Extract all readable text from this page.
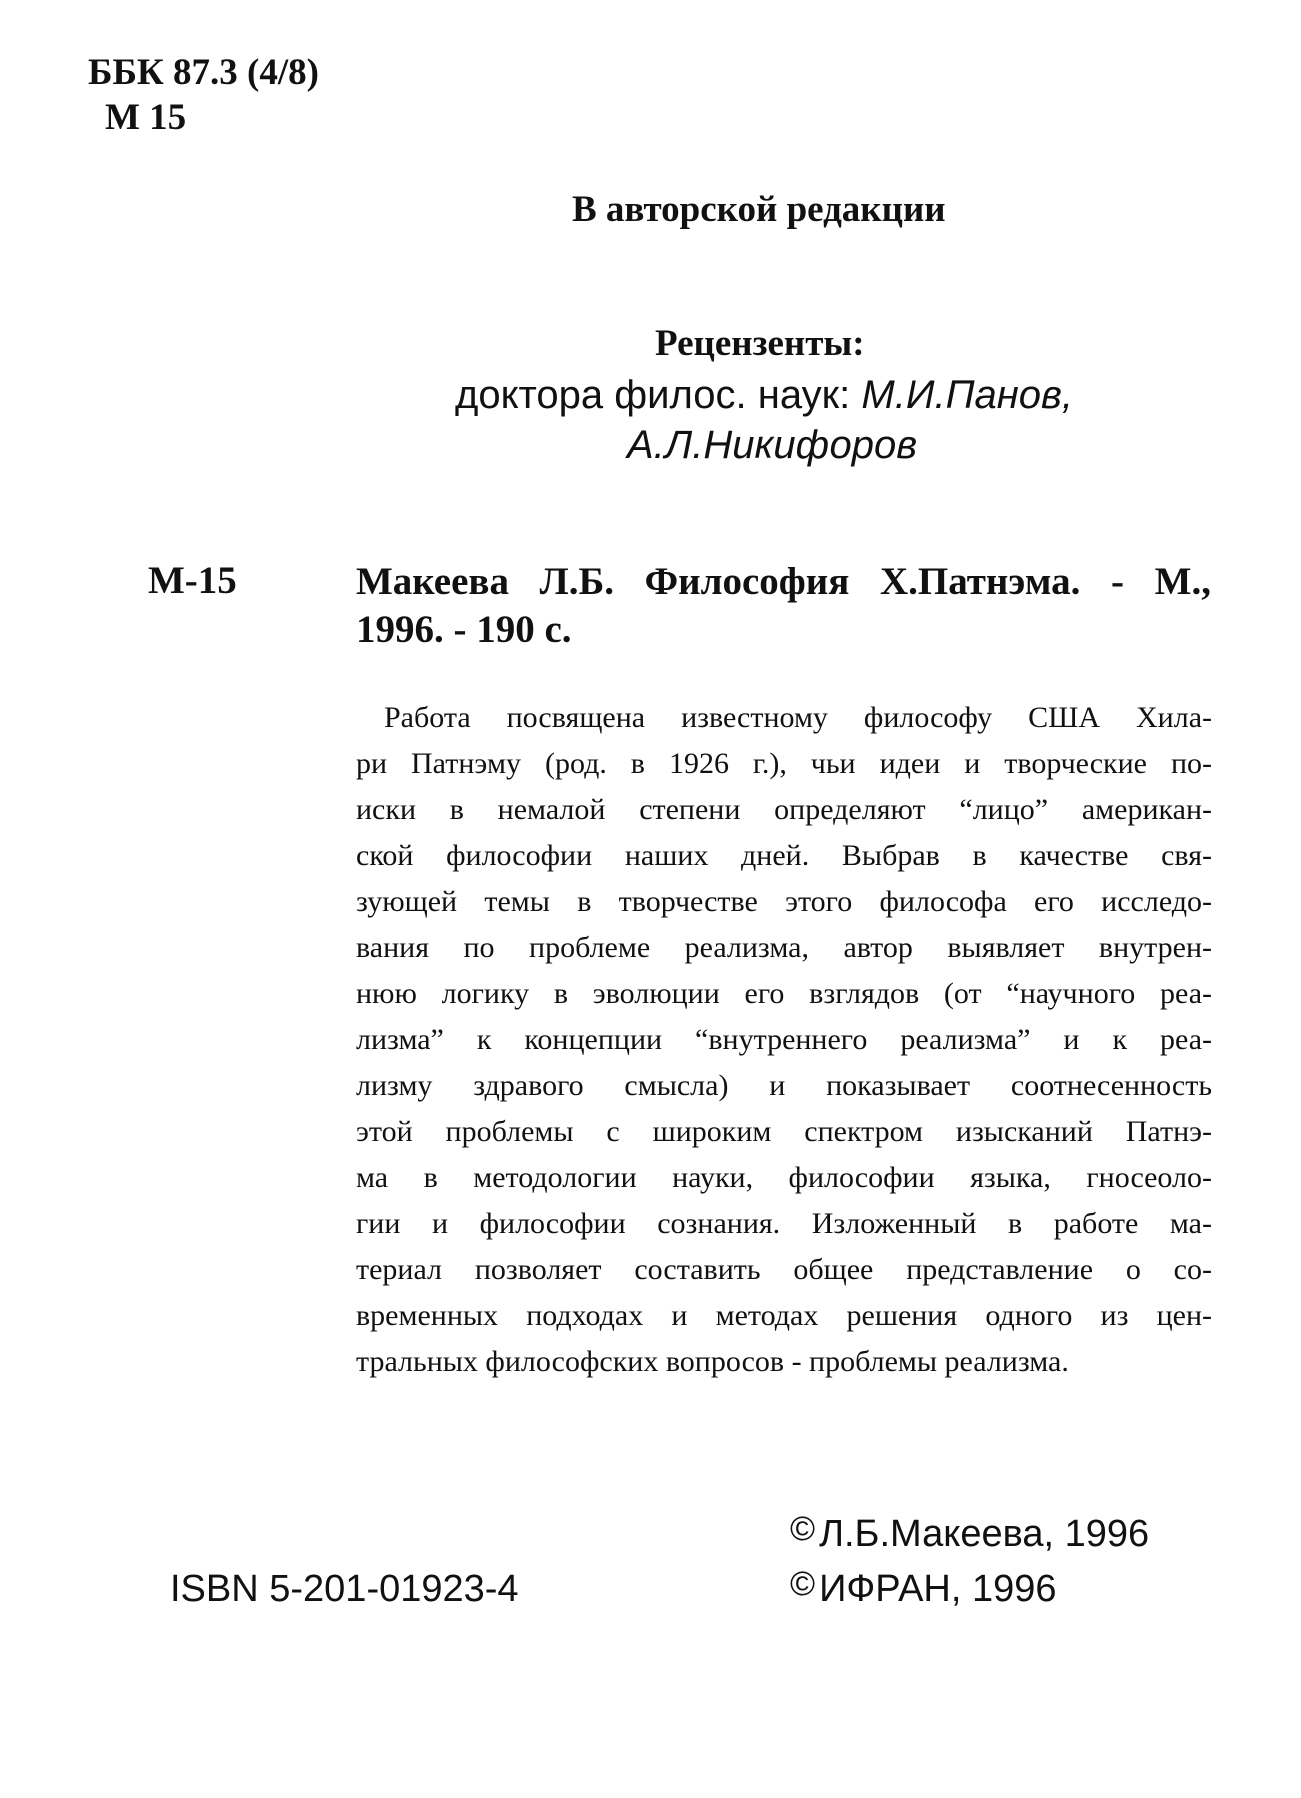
ББК 87.3 (4/8)
М 15
В авторской редакции
Рецензенты:
доктора филос. наук: М.И.Панов,
А.Л.Никифоров
М-15	Макеева Л.Б. Философия Х.Патнэма. - М.,
1996. - 190 с.
Работа посвящена известному философу США Хила-
ри Патнэму (род. в 1926 г.), чьи идеи и творческие по-
иски в немалой степени определяют “лицо” американ-
ской философии наших дней. Выбрав в качестве свя-
зующей темы в творчестве этого философа его исследо-
вания по проблеме реализма, автор выявляет внутрен-
нюю логику в эволюции его взглядов (от “научного реа-
лизма” к концепции “внутреннего реализма” и к реа-
лизму здравого смысла) и показывает соотнесенность
этой проблемы с широким спектром изысканий Патнэ-
ма в методологии науки, философии языка, гносеоло-
гии и философии сознания. Изложенный в работе ма-
териал позволяет составить общее представление о со-
временных подходах и методах решения одного из цен-
тральных философских вопросов - проблемы реализма.
© Л.Б.Макеева, 1996
© ИФРАН, 1996
ISBN 5-201-01923-4
